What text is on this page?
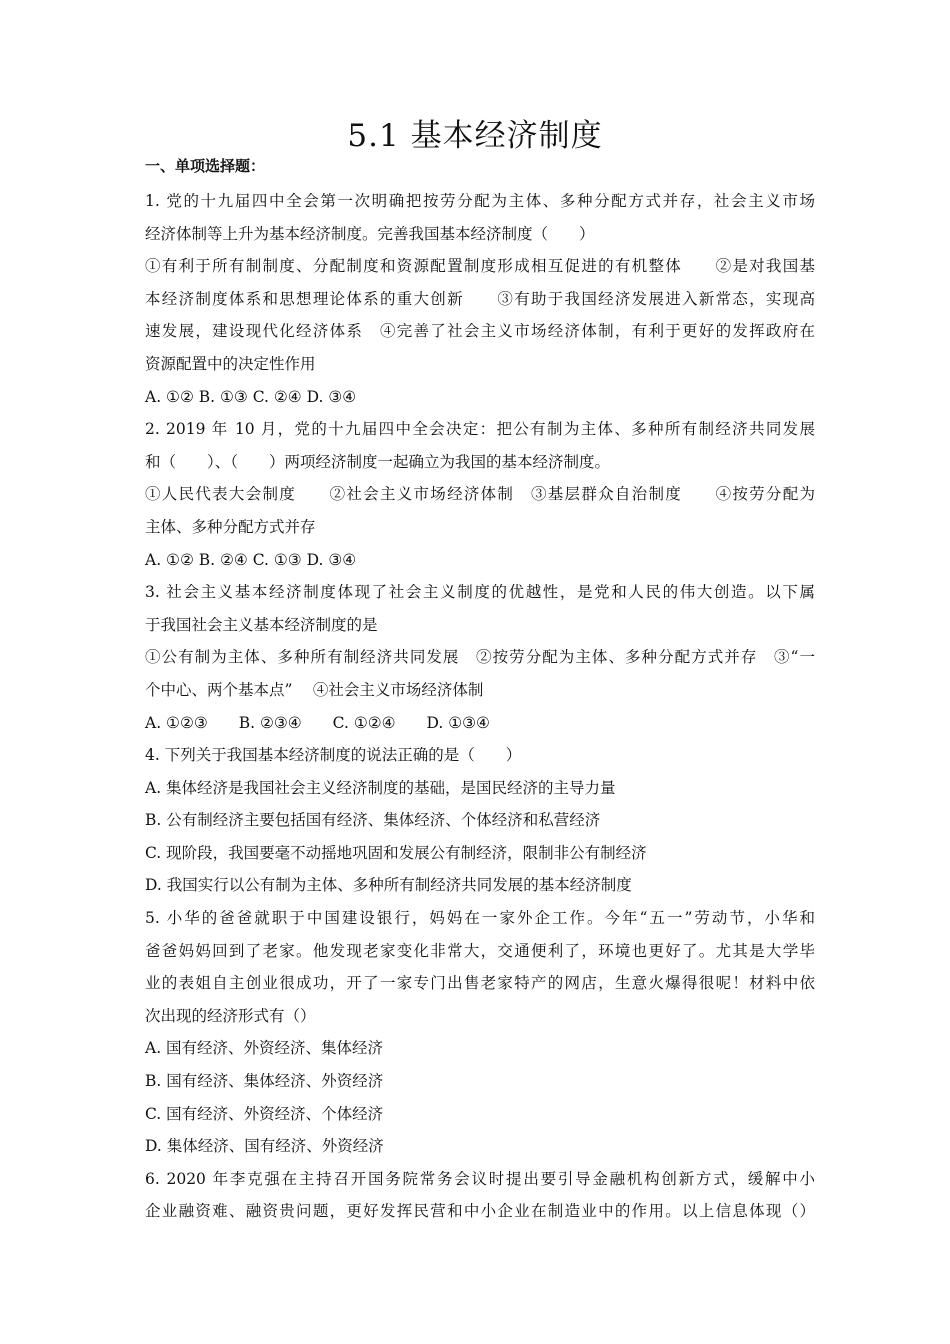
5.1 基本经济制度
一、单项选择题：
1. 党的十九届四中全会第一次明确把按劳分配为主体、多种分配方式并存，社会主义市场
经济体制等上升为基本经济制度。完善我国基本经济制度（　　）
①有利于所有制制度、分配制度和资源配置制度形成相互促进的有机整体　　②是对我国基
本经济制度体系和思想理论体系的重大创新　　③有助于我国经济发展进入新常态，实现高
速发展，建设现代化经济体系　④完善了社会主义市场经济体制，有利于更好的发挥政府在
资源配置中的决定性作用
A. ①② B. ①③ C. ②④ D. ③④
2. 2019 年 10 月，党的十九届四中全会决定：把公有制为主体、多种所有制经济共同发展
和（　　）、（　　）两项经济制度一起确立为我国的基本经济制度。
①人民代表大会制度　　②社会主义市场经济体制　③基层群众自治制度　　④按劳分配为
主体、多种分配方式并存
A. ①② B. ②④ C. ①③ D. ③④
3. 社会主义基本经济制度体现了社会主义制度的优越性，是党和人民的伟大创造。以下属
于我国社会主义基本经济制度的是
①公有制为主体、多种所有制经济共同发展　②按劳分配为主体、多种分配方式并存　③“一
个中心、两个基本点”　 ④社会主义市场经济体制
A. ①②③　　B. ②③④　　C. ①②④　　D. ①③④
4. 下列关于我国基本经济制度的说法正确的是（　　）
A. 集体经济是我国社会主义经济制度的基础，是国民经济的主导力量
B. 公有制经济主要包括国有经济、集体经济、个体经济和私营经济
C. 现阶段，我国要毫不动摇地巩固和发展公有制经济，限制非公有制经济
D. 我国实行以公有制为主体、多种所有制经济共同发展的基本经济制度
5. 小华的爸爸就职于中国建设银行，妈妈在一家外企工作。今年“五一”劳动节，小华和
爸爸妈妈回到了老家。他发现老家变化非常大，交通便利了，环境也更好了。尤其是大学毕
业的表姐自主创业很成功，开了一家专门出售老家特产的网店，生意火爆得很呢！材料中依
次出现的经济形式有（）
A. 国有经济、外资经济、集体经济
B. 国有经济、集体经济、外资经济
C. 国有经济、外资经济、个体经济
D. 集体经济、国有经济、外资经济
6. 2020 年李克强在主持召开国务院常务会议时提出要引导金融机构创新方式，缓解中小
企业融资难、融资贵问题，更好发挥民营和中小企业在制造业中的作用。以上信息体现（）
